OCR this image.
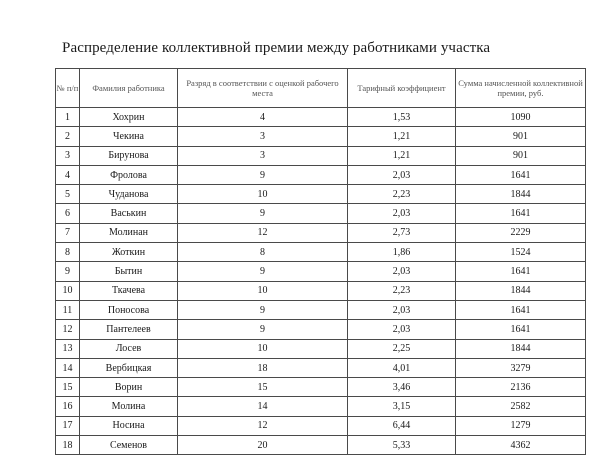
Распределение коллективной премии между работниками участка
№ п/п	Фамилия работника	Разряд в соответствии с оценкой рабочего места	Тарифный коэффициент	Сумма начисленной коллективной премии, руб.
1	Хохрин	4	1,53	1090
2	Чекина	3	1,21	901
3	Бирунова	3	1,21	901
4	Фролова	9	2,03	1641
5	Чуданова	10	2,23	1844
6	Васькин	9	2,03	1641
7	Молинан	12	2,73	2229
8	Жоткин	8	1,86	1524
9	Бытин	9	2,03	1641
10	Ткачева	10	2,23	1844
11	Поносова	9	2,03	1641
12	Пантелеев	9	2,03	1641
13	Лосев	10	2,25	1844
14	Вербицкая	18	4,01	3279
15	Ворин	15	3,46	2136
16	Молина	14	3,15	2582
17	Носина	12	6,44	1279
18	Семенов	20	5,33	4362
